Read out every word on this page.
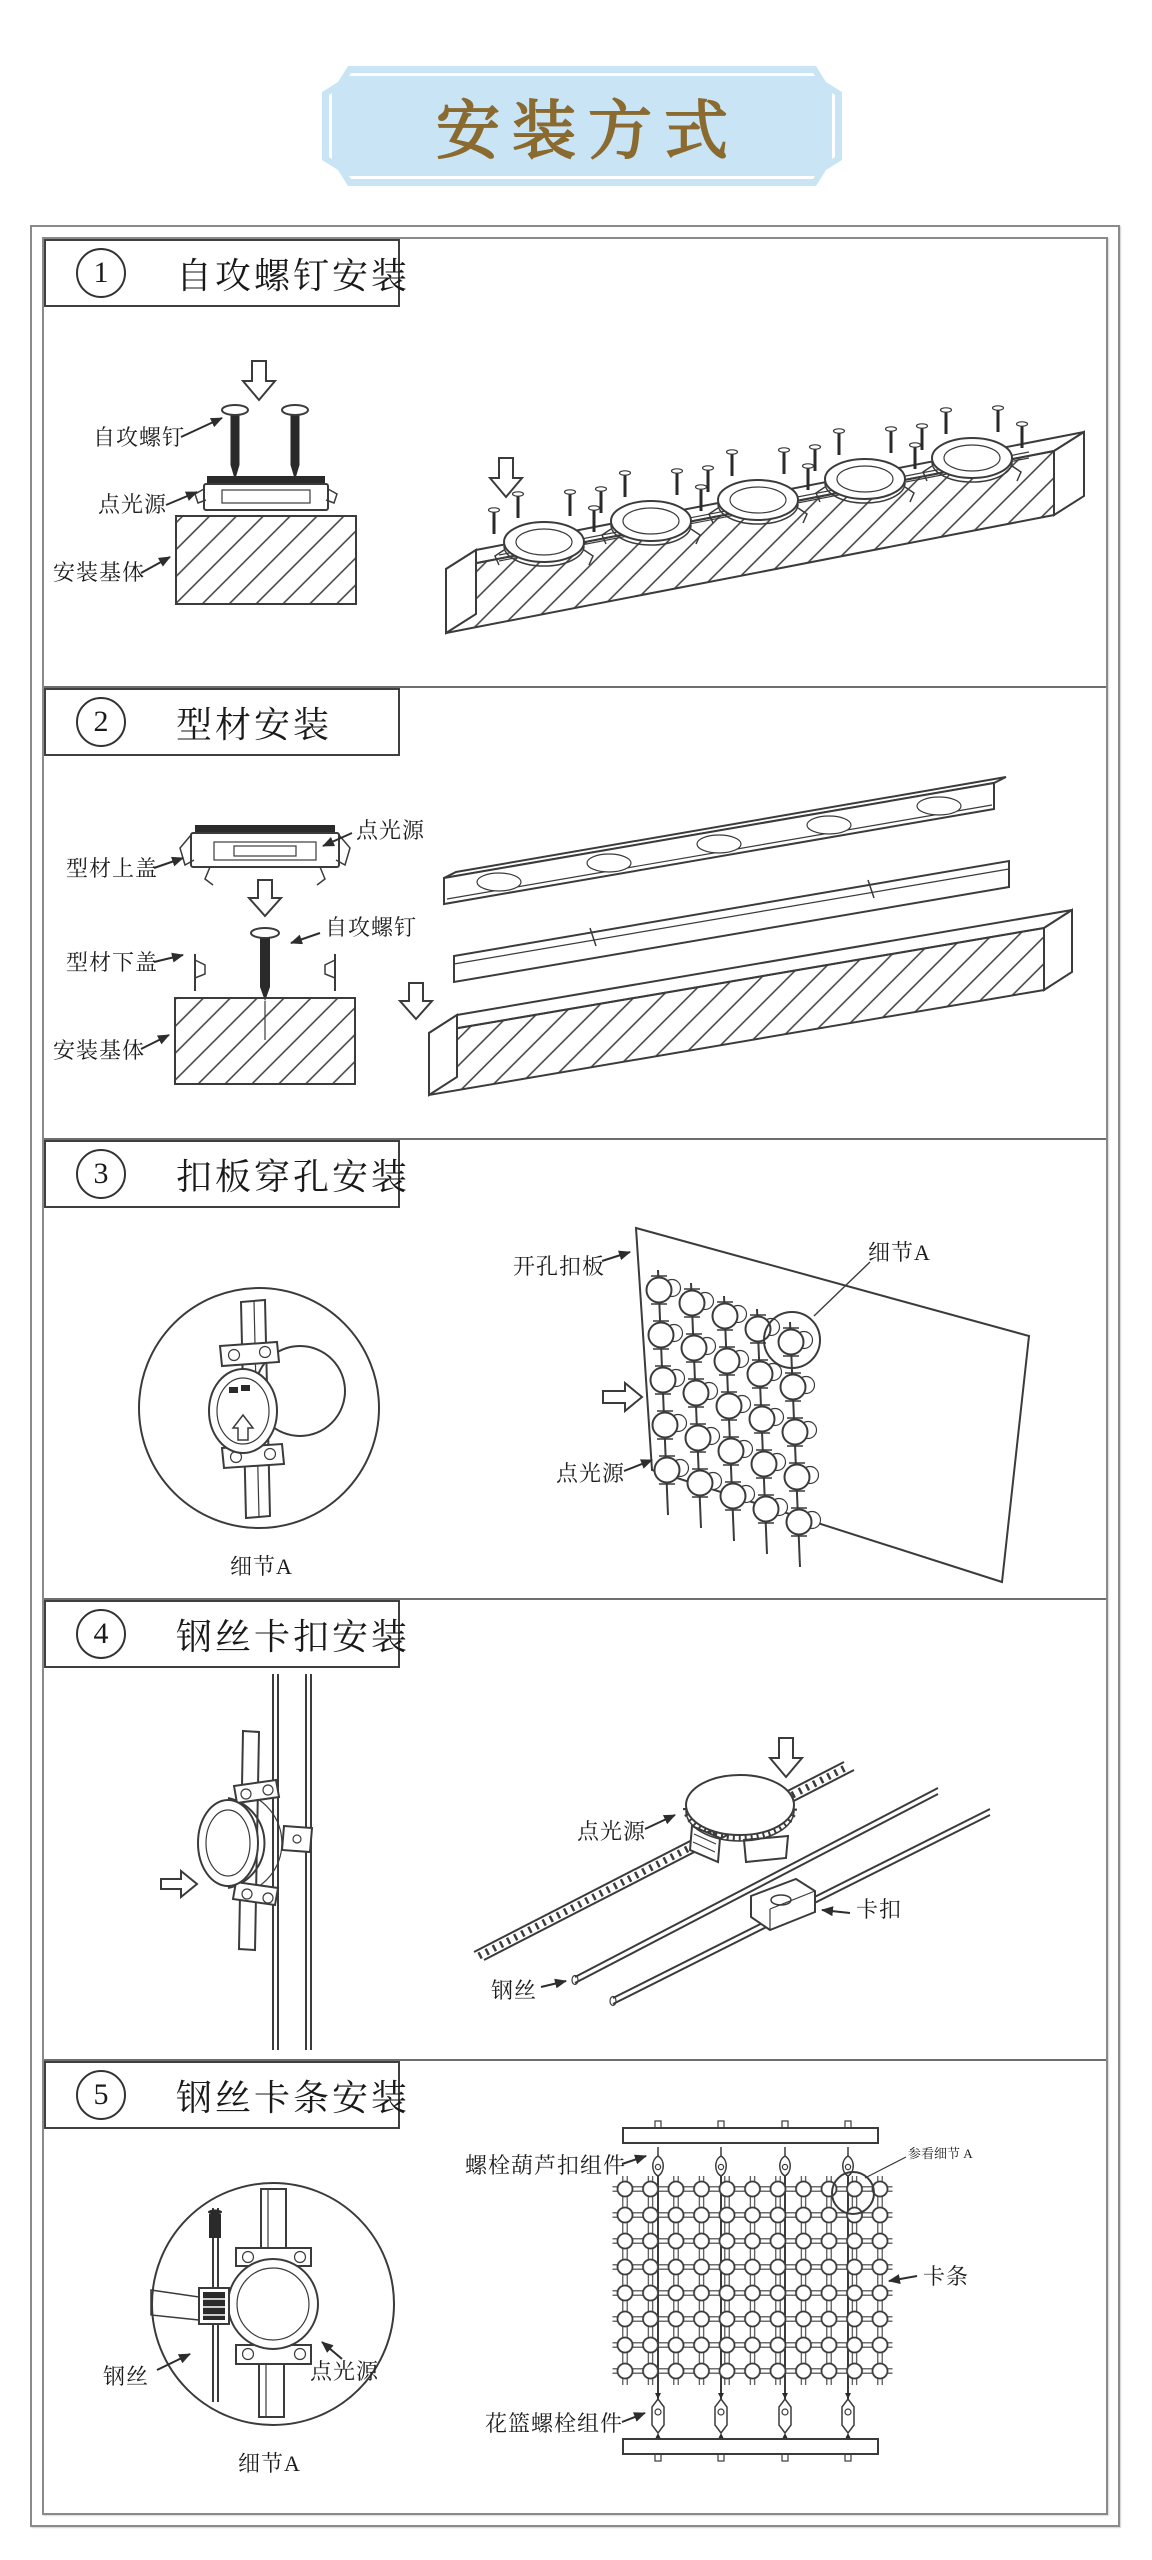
安装方式
1	自攻螺钉安装
自攻螺钉
点光源
安装基体
2	型材安装
型材上盖
点光源
自攻螺钉
型材下盖
安装基体
3	扣板穿孔安装
细节A
开孔扣板
细节A
点光源
4	钢丝卡扣安装
点光源
卡扣
钢丝
5	钢丝卡条安装
钢丝	点光源
细节A
螺栓葫芦扣组件	参看细节 A
卡条
花篮螺栓组件
